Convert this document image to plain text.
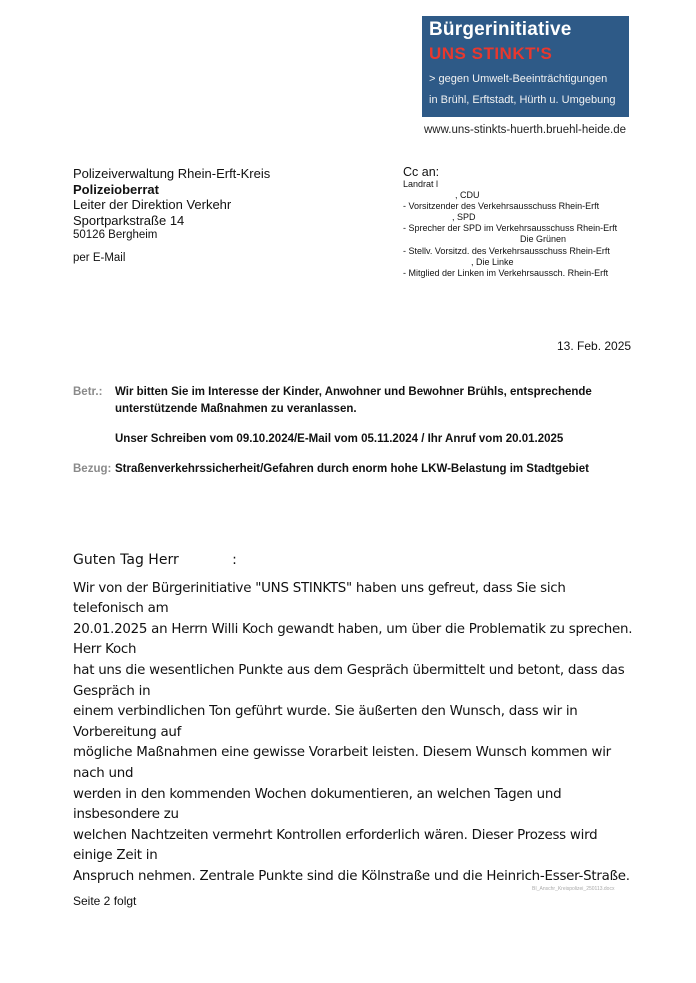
Bürgerinitiative
UNS STINKT'S
> gegen Umwelt-Beeinträchtigungen
in Brühl, Erftstadt, Hürth u. Umgebung
www.uns-stinkts-huerth.bruehl-heide.de
Polizeiverwaltung Rhein-Erft-Kreis
Polizeioberrat
Leiter der Direktion Verkehr
Sportparkstraße 14
50126 Bergheim
per E-Mail
Cc an:
Landrat l
, CDU
- Vorsitzender des Verkehrsausschuss Rhein-Erft
, SPD
- Sprecher der SPD im Verkehrsausschuss Rhein-Erft
Die Grünen
- Stellv. Vorsitzd. des Verkehrsausschuss Rhein-Erft
, Die Linke
- Mitglied der Linken im Verkehrsaussch. Rhein-Erft
13. Feb. 2025
Betr.: Wir bitten Sie im Interesse der Kinder, Anwohner und Bewohner Brühls, entsprechende
unterstützende Maßnahmen zu veranlassen.
Unser Schreiben vom 09.10.2024/E-Mail vom 05.11.2024 / Ihr Anruf vom 20.01.2025
Bezug: Straßenverkehrssicherheit/Gefahren durch enorm hohe LKW-Belastung im Stadtgebiet

Guten Tag Herr            :

Wir von der Bürgerinitiative "UNS STINKTS" haben uns gefreut, dass Sie sich telefonisch am
20.01.2025 an Herrn Willi Koch gewandt haben, um über die Problematik zu sprechen. Herr Koch
hat uns die wesentlichen Punkte aus dem Gespräch übermittelt und betont, dass das Gespräch in
einem verbindlichen Ton geführt wurde. Sie äußerten den Wunsch, dass wir in Vorbereitung auf
mögliche Maßnahmen eine gewisse Vorarbeit leisten. Diesem Wunsch kommen wir nach und
werden in den kommenden Wochen dokumentieren, an welchen Tagen und insbesondere zu
welchen Nachtzeiten vermehrt Kontrollen erforderlich wären. Dieser Prozess wird einige Zeit in
Anspruch nehmen. Zentrale Punkte sind die Kölnstraße und die Heinrich-Esser-Straße.
BI_Anschr_Kreispolizei_250113.docx
Seite 2 folgt
